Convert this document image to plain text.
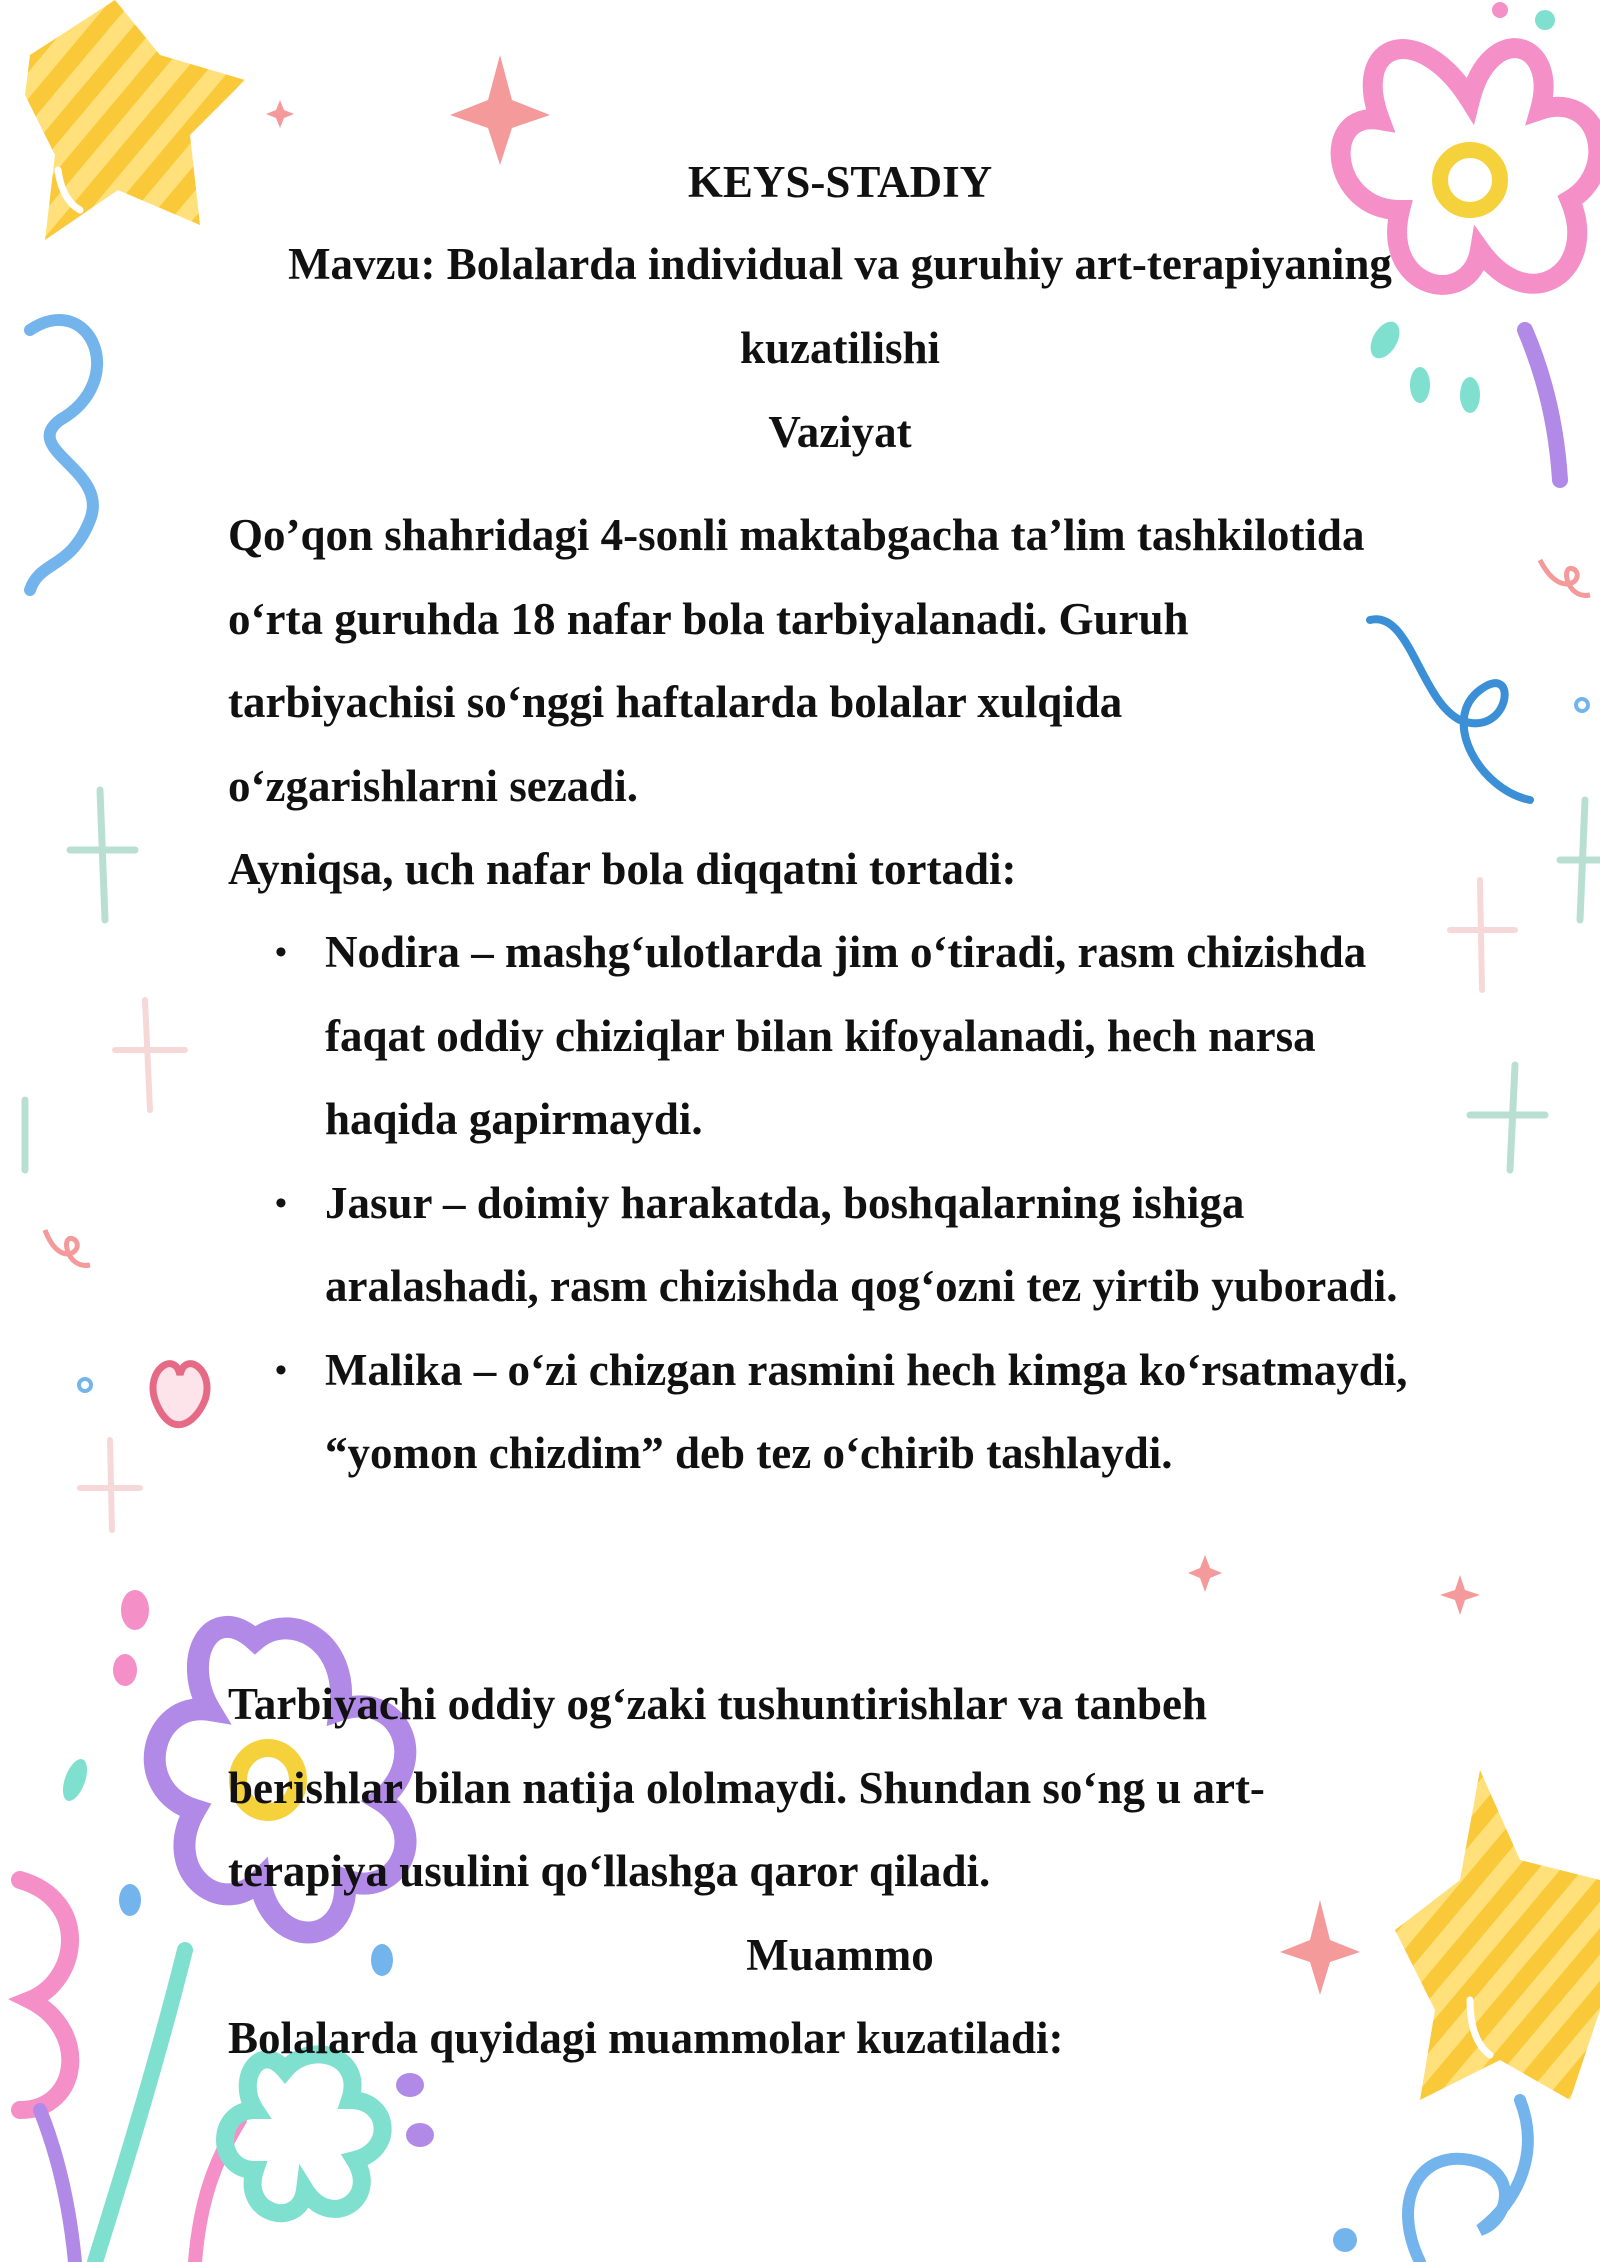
KEYS-STADIY
Mavzu: Bolalarda individual va guruhiy art-terapiyaning
kuzatilishi
Vaziyat

Qo’qon shahridagi 4-sonli maktabgacha ta’lim tashkilotida o‘rta guruhda 18 nafar bola tarbiyalanadi. Guruh tarbiyachisi so‘nggi haftalarda bolalar xulqida o‘zgarishlarni sezadi.

Ayniqsa, uch nafar bola diqqatni tortadi:

• Nodira – mashg‘ulotlarda jim o‘tiradi, rasm chizishda faqat oddiy chiziqlar bilan kifoyalanadi, hech narsa haqida gapirmaydi.
• Jasur – doimiy harakatda, boshqalarning ishiga aralashadi, rasm chizishda qog‘ozni tez yirtib yuboradi.
• Malika – o‘zi chizgan rasmini hech kimga ko‘rsatmaydi, “yomon chizdim” deb tez o‘chirib tashlaydi.

Tarbiyachi oddiy og‘zaki tushuntirishlar va tanbeh berishlar bilan natija ololmaydi. Shundan so‘ng u art-terapiya usulini qo‘llashga qaror qiladi.

Muammo

Bolalarda quyidagi muammolar kuzatiladi:
